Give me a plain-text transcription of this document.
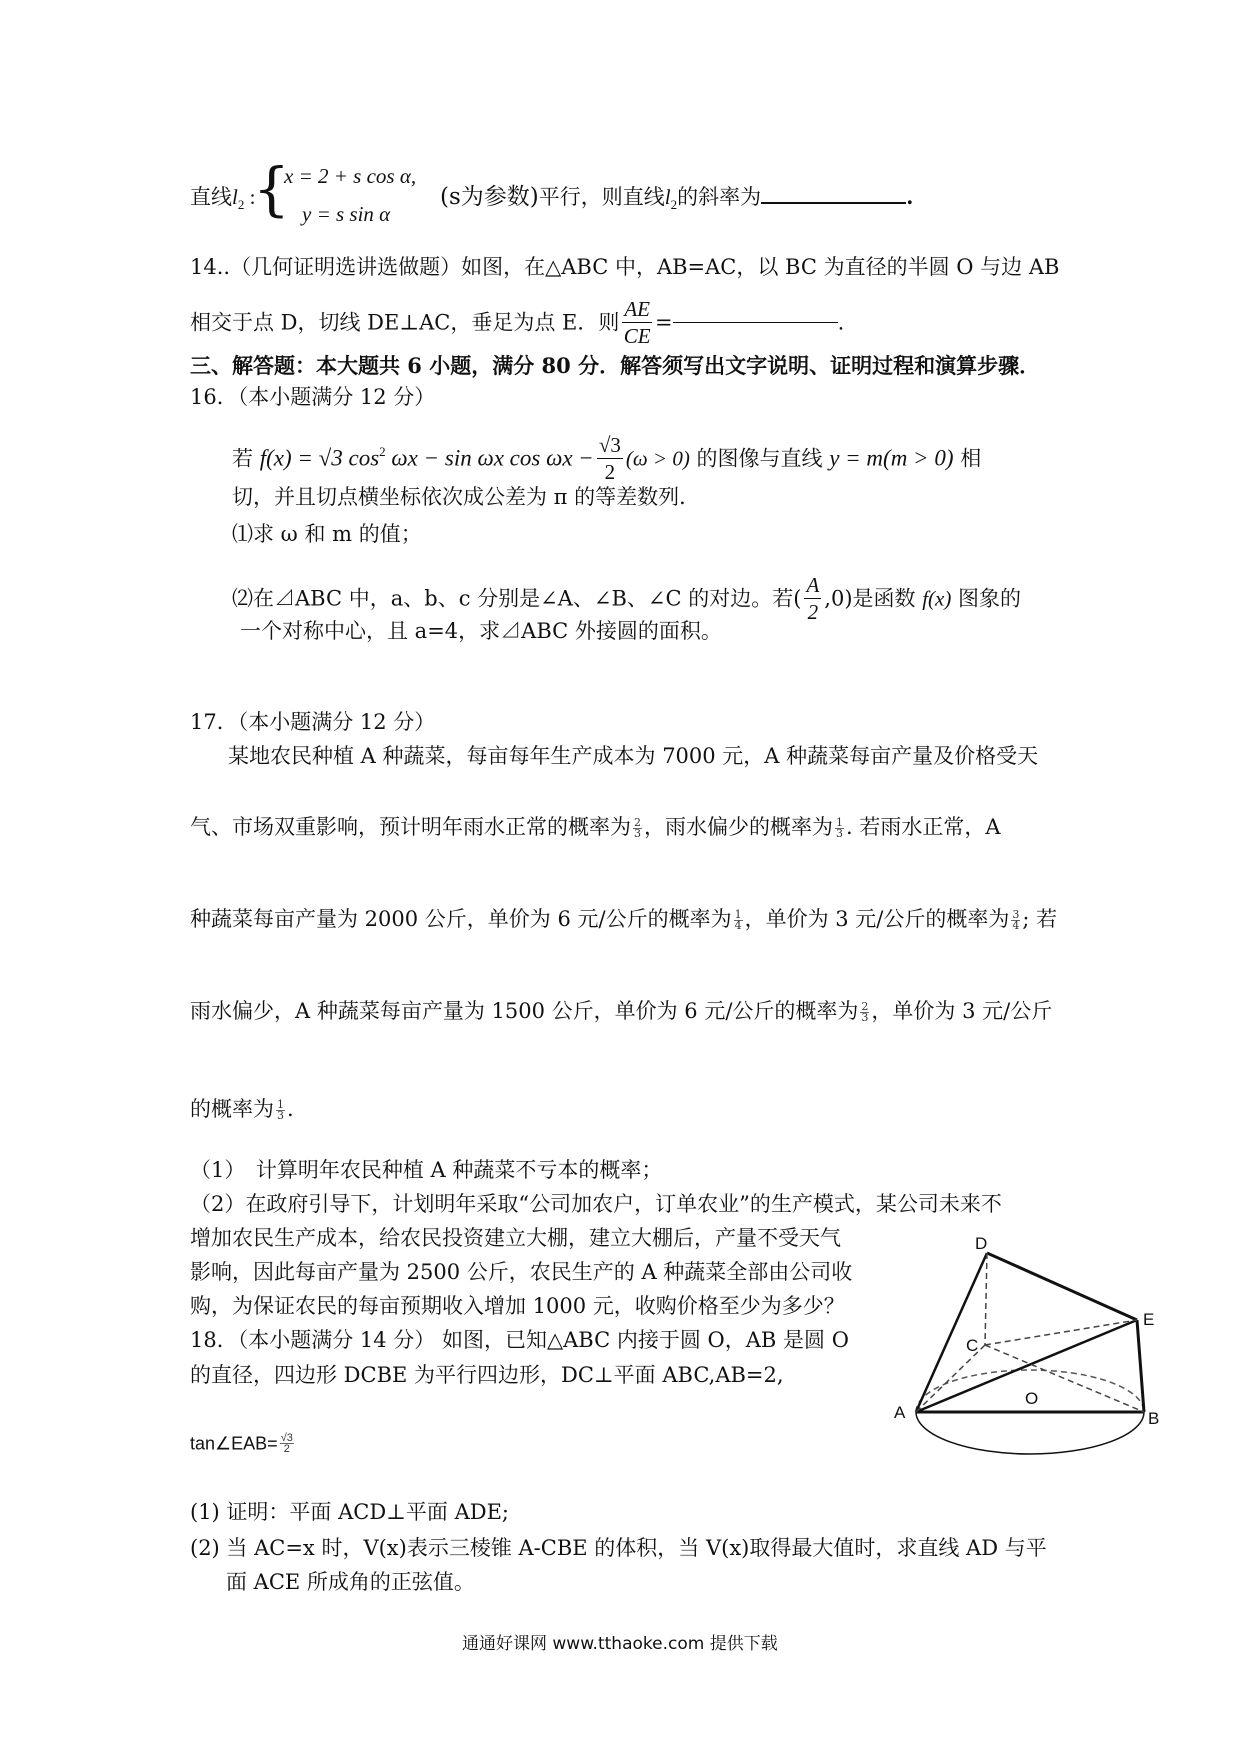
直线$l_2$ :
{
x = 2 + s cos α,
y = s sin α
(s为参数)平行，则直线$l_2$的斜率为	.
14..（几何证明选讲选做题）如图，在△ABC 中，AB=AC，以 BC 为直径的半圆 O 与边 AB
相交于点 D，切线 DE⊥AC，垂足为点 E．则 $\frac{AE}{CE}$ =	.
三、解答题：本大题共 6 小题，满分 80 分．解答须写出文字说明、证明过程和演算步骤．
16．（本小题满分 12 分）
若 f(x) = √3 $\cos^2 \omega x - \sin \omega x$ $\cos \omega x - \frac{√3}{2} (\omega > 0)$ 的图像与直线 y = m(m > 0) 相
切，并且切点横坐标依次成公差为 π 的等差数列．
⑴求 ω 和 m 的值；
⑵在⊿ABC 中，a、b、c 分别是∠A、∠B、∠C 的对边。若( $\frac{A}{2} ,0$)是函数 f(x) 图象的
一个对称中心，且 a=4，求⊿ABC 外接圆的面积。
17．（本小题满分 12 分）
某地农民种植 A 种蔬菜，每亩每年生产成本为 7000 元，A 种蔬菜每亩产量及价格受天
气、市场双重影响，预计明年雨水正常的概率为 $\frac{2}{3}$ ，雨水偏少的概率为 $\frac{1}{3}$ . 若雨水正常，A
种蔬菜每亩产量为 2000 公斤，单价为 6 元/公斤的概率为 $\frac{1}{4}$ ，单价为 3 元/公斤的概率为 $\frac{3}{4}$ ; 若
雨水偏少，A 种蔬菜每亩产量为 1500 公斤，单价为 6 元/公斤的概率为 $\frac{2}{3}$ ，单价为 3 元/公斤
的概率为 $\frac{1}{3}$ .
（1）　计算明年农民种植 A 种蔬菜不亏本的概率；
（2）在政府引导下，计划明年采取“公司加农户，订单农业”的生产模式，某公司未来不
增加农民生产成本，给农民投资建立大棚，建立大棚后，产量不受天气
影响，因此每亩产量为 2500 公斤，农民生产的 A 种蔬菜全部由公司收
购，为保证农民的每亩预期收入增加 1000 元，收购价格至少为多少？
18．（本小题满分 14 分） 如图，已知△ABC 内接于圆 O，AB 是圆 O
的直径，四边形 DCBE 为平行四边形，DC⊥平面 ABC,AB=2,
tan∠EAB= $\frac{√3}{2}$
(1) 证明：平面 ACD⊥平面 ADE;
(2) 当 AC=x 时，V(x)表示三棱锥 A-CBE 的体积，当 V(x)取得最大值时，求直线 AD 与平
面 ACE 所成角的正弦值。
D
E
C
O
A	B
通通好课网 www.tthaoke.com 提供下载
